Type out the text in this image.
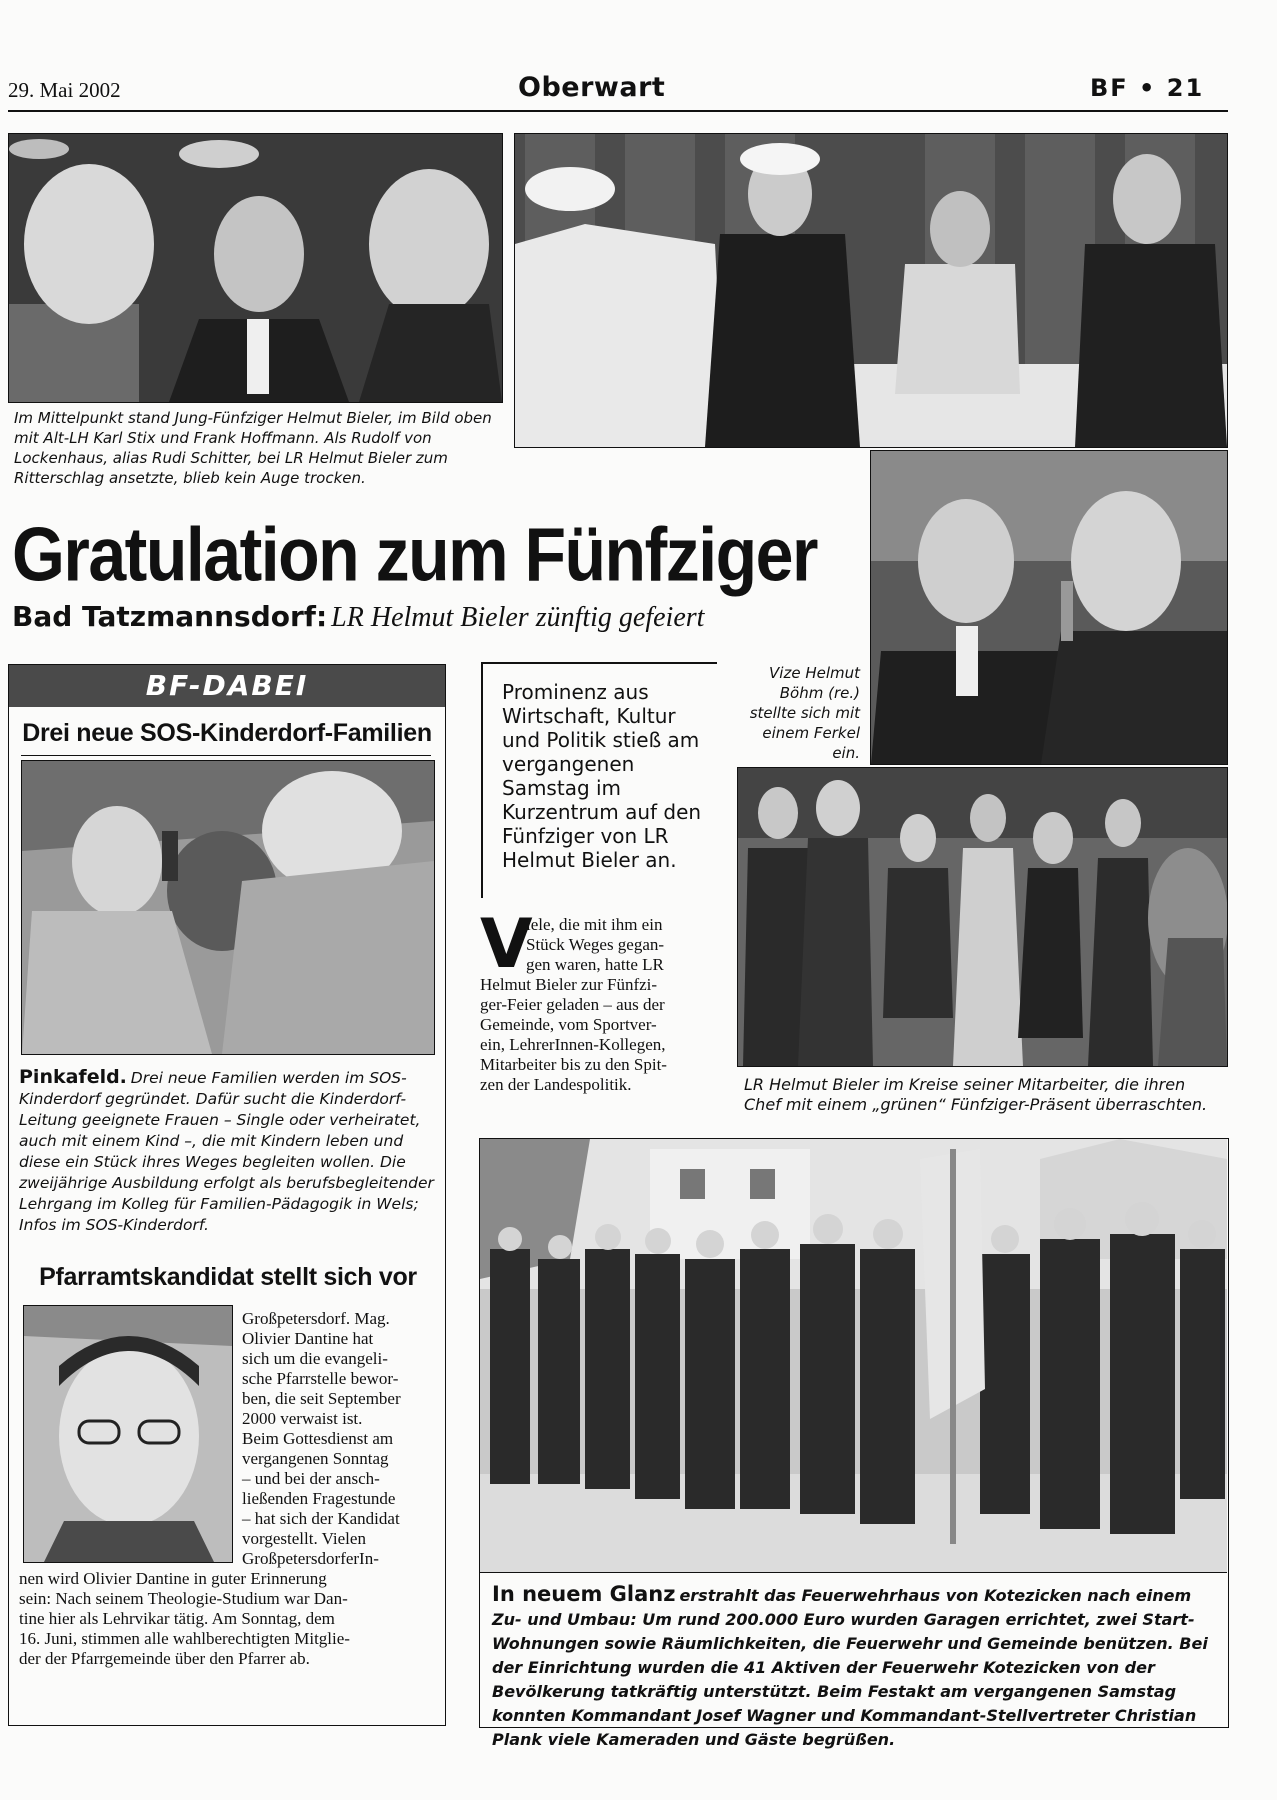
29. Mai 2002	Oberwart	BF • 21
Im Mittelpunkt stand Jung-Fünfziger Helmut Bieler, im Bild oben mit Alt-LH Karl Stix und Frank Hoffmann. Als Rudolf von Lockenhaus, alias Rudi Schitter, bei LR Helmut Bieler zum Ritterschlag ansetzte, blieb kein Auge trocken.
Gratulation zum Fünfziger
Bad Tatzmannsdorf: LR Helmut Bieler zünftig gefeiert
Vize Helmut Böhm (re.) stellte sich mit einem Ferkel ein.
Prominenz aus Wirtschaft, Kultur und Politik stieß am vergangenen Samstag im Kurzentrum auf den Fünfziger von LR Helmut Bieler an.
V
iele, die mit ihm ein
Stück Weges gegan-
gen waren, hatte LR
Helmut Bieler zur Fünfzi-
ger-Feier geladen – aus der
Gemeinde, vom Sportver-
ein, LehrerInnen-Kollegen,
Mitarbeiter bis zu den Spit-
zen der Landespolitik.	LR Helmut Bieler im Kreise seiner Mitarbeiter, die ihren Chef mit einem „grünen“ Fünfziger-Präsent überraschten.
BF-DABEI
Drei neue SOS-Kinderdorf-Familien
Pinkafeld. Drei neue Familien werden im SOS-Kinderdorf gegründet. Dafür sucht die Kinderdorf-Leitung geeignete Frauen – Single oder verheiratet, auch mit einem Kind –, die mit Kindern leben und diese ein Stück ihres Weges begleiten wollen. Die zweijährige Ausbildung erfolgt als berufsbegleitender Lehrgang im Kolleg für Familien-Pädagogik in Wels; Infos im SOS-Kinderdorf.
Pfarramtskandidat stellt sich vor
Großpetersdorf. Mag.
Olivier Dantine hat
sich um die evangeli-
sche Pfarrstelle bewor-
ben, die seit September
2000 verwaist ist.
Beim Gottesdienst am
vergangenen Sonntag
– und bei der ansch-
ließenden Fragestunde
– hat sich der Kandidat
vorgestellt. Vielen
GroßpetersdorferIn-
nen wird Olivier Dantine in guter Erinnerung
sein: Nach seinem Theologie-Studium war Dan-
tine hier als Lehrvikar tätig. Am Sonntag, dem
16. Juni, stimmen alle wahlberechtigten Mitglie-
der der Pfarrgemeinde über den Pfarrer ab.
In neuem Glanz erstrahlt das Feuerwehrhaus von Kotezicken nach einem Zu- und Umbau: Um rund 200.000 Euro wurden Garagen errichtet, zwei Start-Wohnungen sowie Räumlichkeiten, die Feuerwehr und Gemeinde benützen. Bei der Einrichtung wurden die 41 Aktiven der Feuerwehr Kotezicken von der Bevölkerung tatkräftig unterstützt. Beim Festakt am vergangenen Samstag konnten Kommandant Josef Wagner und Kommandant-Stellvertreter Christian Plank viele Kameraden und Gäste begrüßen.
